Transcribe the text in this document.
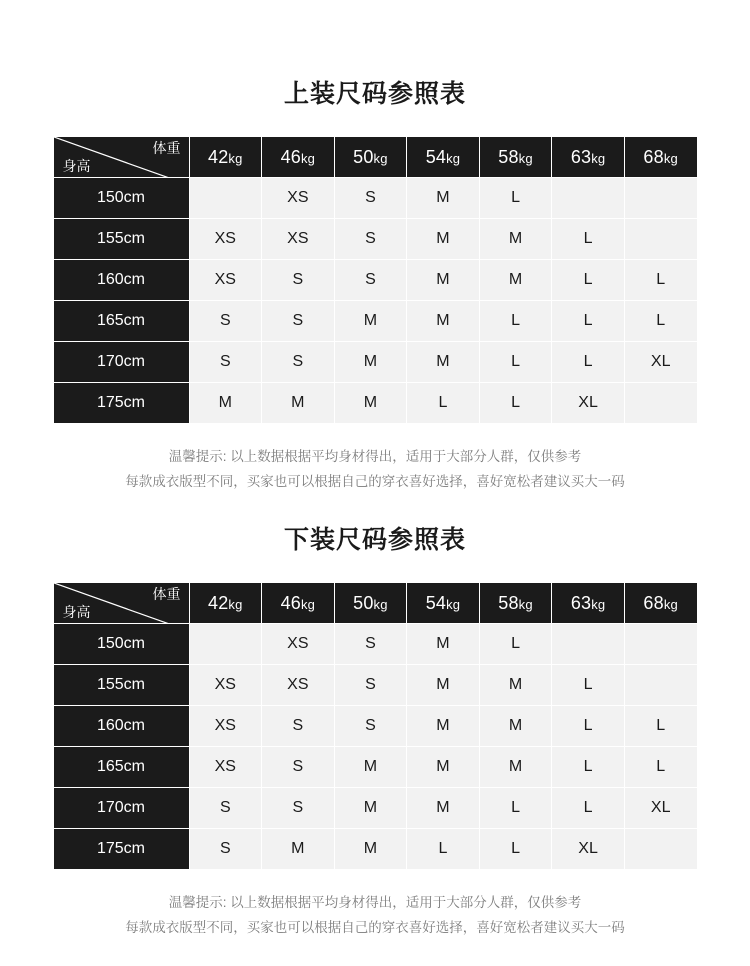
上装尺码参照表
体重
身高	42kg	46kg	50kg	54kg	58kg	63kg	68kg
150cm		XS	S	M	L		
155cm	XS	XS	S	M	M	L	
160cm	XS	S	S	M	M	L	L
165cm	S	S	M	M	L	L	L
170cm	S	S	M	M	L	L	XL
175cm	M	M	M	L	L	XL	
温馨提示: 以上数据根据平均身材得出，适用于大部分人群，仅供参考
每款成衣版型不同，买家也可以根据自己的穿衣喜好选择，喜好宽松者建议买大一码
下装尺码参照表
体重
身高	42kg	46kg	50kg	54kg	58kg	63kg	68kg
150cm		XS	S	M	L		
155cm	XS	XS	S	M	M	L	
160cm	XS	S	S	M	M	L	L
165cm	XS	S	M	M	M	L	L
170cm	S	S	M	M	L	L	XL
175cm	S	M	M	L	L	XL	
温馨提示: 以上数据根据平均身材得出，适用于大部分人群，仅供参考
每款成衣版型不同，买家也可以根据自己的穿衣喜好选择，喜好宽松者建议买大一码
